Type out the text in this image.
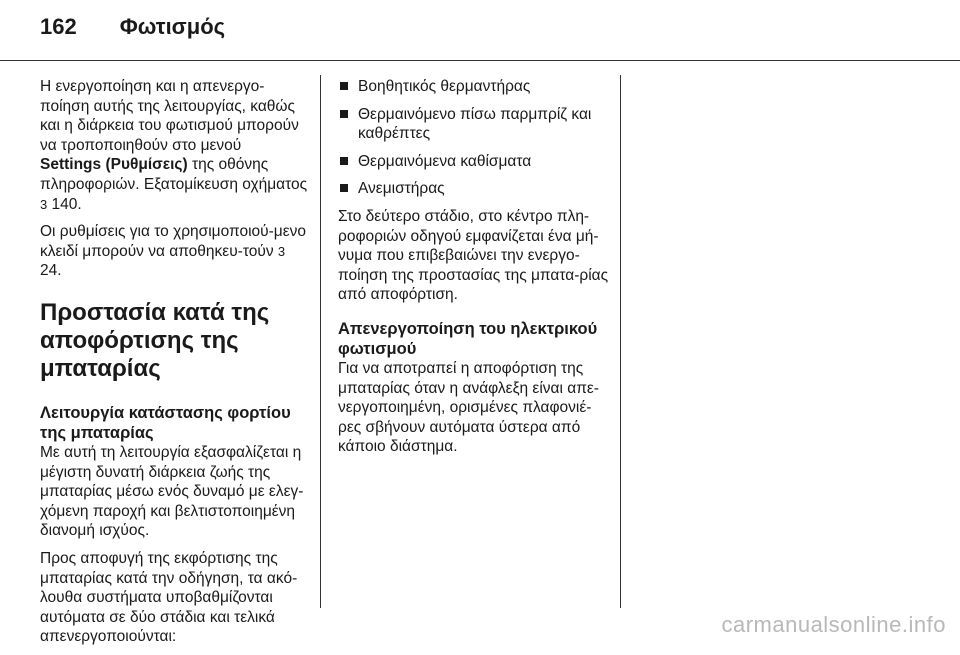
162 Φωτισμός

Η ενεργοποίηση και η απενεργο-ποίηση αυτής της λειτουργίας, καθώς και η διάρκεια του φωτισμού μπορούν να τροποποιηθούν στο μενού
Settings (Ρυθμίσεις) της οθόνης πληροφοριών. Εξατομίκευση οχήματος 3 140.

Οι ρυθμίσεις για το χρησιμοποιού-μενο κλειδί μπορούν να αποθηκευ-τούν 3 24.

Προστασία κατά της αποφόρτισης της μπαταρίας
Λειτουργία κατάστασης φορτίου της μπαταρίας

Με αυτή τη λειτουργία εξασφαλίζεται η μέγιστη δυνατή διάρκεια ζωής της μπαταρίας μέσω ενός δυναμό με ελεγ-χόμενη παροχή και βελτιστοποιημένη διανομή ισχύος.

Προς αποφυγή της εκφόρτισης της μπαταρίας κατά την οδήγηση, τα ακό-λουθα συστήματα υποβαθμίζονται αυτόματα σε δύο στάδια και τελικά απενεργοποιούνται:

Βοηθητικός θερμαντήρας
Θερμαινόμενο πίσω παρμπρίζ και καθρέπτες
Θερμαινόμενα καθίσματα
Ανεμιστήρας

Στο δεύτερο στάδιο, στο κέντρο πλη-ροφοριών οδηγού εμφανίζεται ένα μή-νυμα που επιβεβαιώνει την ενεργο-ποίηση της προστασίας της μπατα-ρίας από αποφόρτιση.

Απενεργοποίηση του ηλεκτρικού φωτισμού

Για να αποτραπεί η αποφόρτιση της μπαταρίας όταν η ανάφλεξη είναι απε-νεργοποιημένη, ορισμένες πλαφονιέ-ρες σβήνουν αυτόματα ύστερα από κάποιο διάστημα.

carmanualsonline.info
